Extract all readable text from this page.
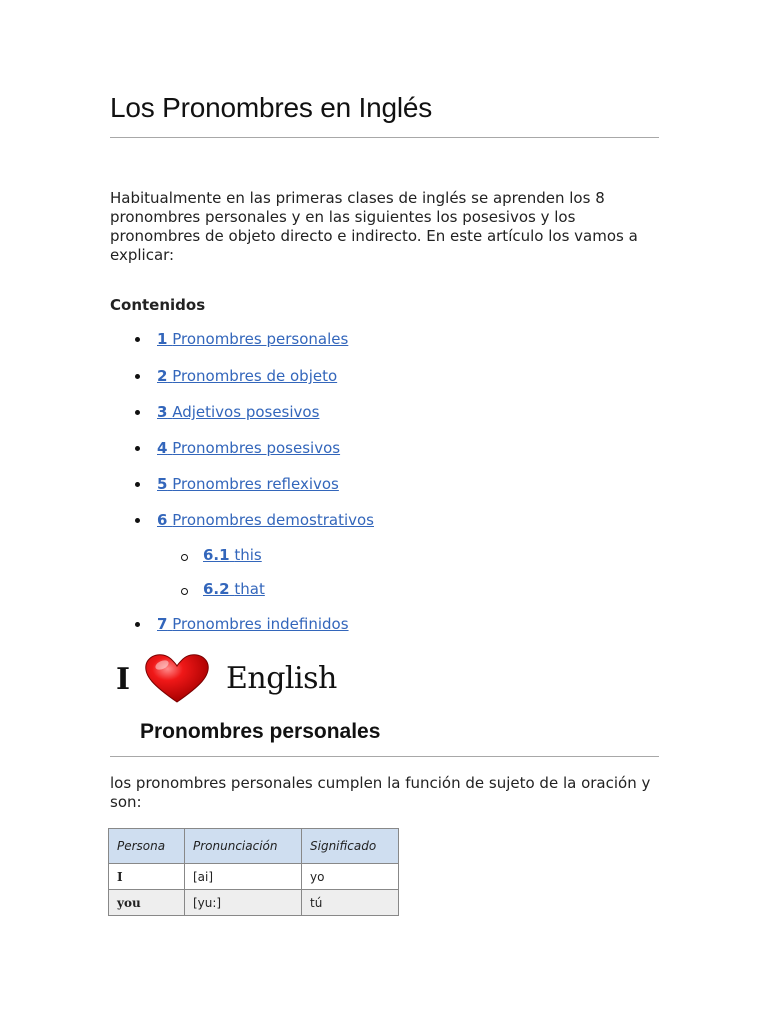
Los Pronombres en Inglés

Habitualmente en las primeras clases de inglés se aprenden los 8 pronombres personales y en las siguientes los posesivos y los pronombres de objeto directo e indirecto. En este artículo los vamos a explicar:

Contenidos

1 Pronombres personales
2 Pronombres de objeto
3 Adjetivos posesivos
4 Pronombres posesivos
5 Pronombres reflexivos
6 Pronombres demostrativos
6.1 this
6.2 that
7 Pronombres indefinidos
I	English
Pronombres personales

los pronombres personales cumplen la función de sujeto de la oración y son:

Persona	Pronunciación	Significado
I	[ai]	yo
you	[yu:]	tú
